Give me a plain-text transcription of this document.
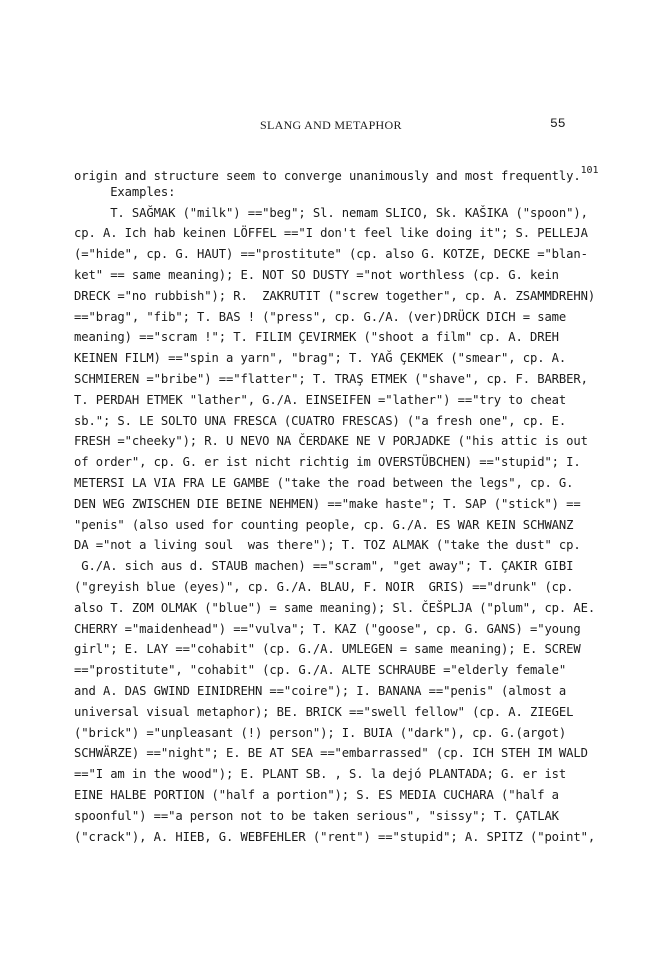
SLANG AND METAPHOR	55
origin and structure seem to converge unanimously and most frequently.$^{101}$
Examples:
T. SAĞMAK ("milk") =="beg"; Sl. nemam SLICO, Sk. KAŠIKA ("spoon"),
cp. A. Ich hab keinen LÖFFEL =="I don't feel like doing it"; S. PELLEJA
(="hide", cp. G. HAUT) =="prostitute" (cp. also G. KOTZE, DECKE ="blan-
ket" == same meaning); E. NOT SO DUSTY ="not worthless (cp. G. kein
DRECK ="no rubbish"); R.  ZAKRUTIT ("screw together", cp. A. ZSAMMDREHN)
=="brag", "fib"; T. BAS ! ("press", cp. G./A. (ver)DRÜCK DICH = same
meaning) =="scram !"; T. FILIM ÇEVIRMEK ("shoot a film" cp. A. DREH
KEINEN FILM) =="spin a yarn", "brag"; T. YAĞ ÇEKMEK ("smear", cp. A.
SCHMIEREN ="bribe") =="flatter"; T. TRAŞ ETMEK ("shave", cp. F. BARBER,
T. PERDAH ETMEK "lather", G./A. EINSEIFEN ="lather") =="try to cheat
sb."; S. LE SOLTO UNA FRESCA (CUATRO FRESCAS) ("a fresh one", cp. E.
FRESH ="cheeky"); R. U NEVO NA ČERDAKE NE V PORJADKE ("his attic is out
of order", cp. G. er ist nicht richtig im OVERSTÜBCHEN) =="stupid"; I.
METERSI LA VIA FRA LE GAMBE ("take the road between the legs", cp. G.
DEN WEG ZWISCHEN DIE BEINE NEHMEN) =="make haste"; T. SAP ("stick") ==
"penis" (also used for counting people, cp. G./A. ES WAR KEIN SCHWANZ
DA ="not a living soul  was there"); T. TOZ ALMAK ("take the dust" cp.
G./A. sich aus d. STAUB machen) =="scram", "get away"; T. ÇAKIR GIBI
("greyish blue (eyes)", cp. G./A. BLAU, F. NOIR  GRIS) =="drunk" (cp.
also T. ZOM OLMAK ("blue") = same meaning); Sl. ČEŠPLJA ("plum", cp. AE.
CHERRY ="maidenhead") =="vulva"; T. KAZ ("goose", cp. G. GANS) ="young
girl"; E. LAY =="cohabit" (cp. G./A. UMLEGEN = same meaning); E. SCREW
=="prostitute", "cohabit" (cp. G./A. ALTE SCHRAUBE ="elderly female"
and A. DAS GWIND EINIDREHN =="coire"); I. BANANA =="penis" (almost a
universal visual metaphor); BE. BRICK =="swell fellow" (cp. A. ZIEGEL
("brick") ="unpleasant (!) person"); I. BUIA ("dark"), cp. G.(argot)
SCHWÄRZE) =="night"; E. BE AT SEA =="embarrassed" (cp. ICH STEH IM WALD
=="I am in the wood"); E. PLANT SB. , S. la dejó PLANTADA; G. er ist
EINE HALBE PORTION ("half a portion"); S. ES MEDIA CUCHARA ("half a
spoonful") =="a person not to be taken serious", "sissy"; T. ÇATLAK
("crack"), A. HIEB, G. WEBFEHLER ("rent") =="stupid"; A. SPITZ ("point",
